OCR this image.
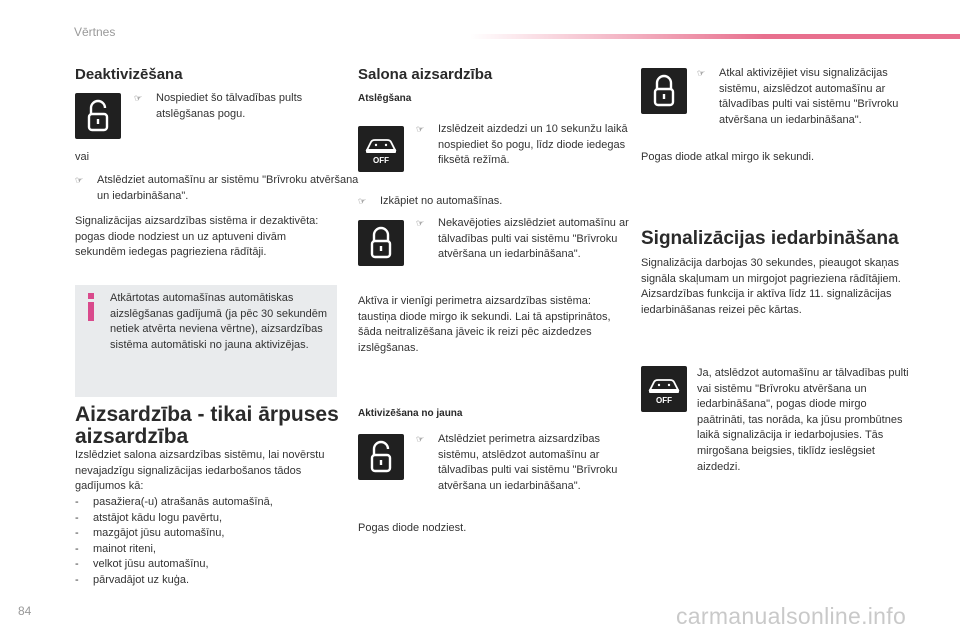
Vērtnes
Deaktivizēšana
☞ Nospiediet šo tālvadības pults atslēgšanas pogu.
vai
☞ Atslēdziet automašīnu ar sistēmu "Brīvroku atvēršana un iedarbināšana".
Signalizācijas aizsardzības sistēma ir dezaktivēta: pogas diode nodziest un uz aptuveni divām sekundēm iedegas pagrieziena rādītāji.
Atkārtotas automašīnas automātiskas aizslēgšanas gadījumā (ja pēc 30 sekundēm netiek atvērta neviena vērtne), aizsardzības sistēma automātiski no jauna aktivizējas.
Aizsardzība - tikai ārpuses aizsardzība
Izslēdziet salona aizsardzības sistēmu, lai novērstu nevajadzīgu signalizācijas iedarbošanos tādos gadījumos kā:
- pasažiera(-u) atrašanās automašīnā,
- atstājot kādu logu pavērtu,
- mazgājot jūsu automašīnu,
- mainot riteni,
- velkot jūsu automašīnu,
- pārvadājot uz kuģa.
Salona aizsardzība
Atslēgšana
OFF
☞ Izslēdzeit aizdedzi un 10 sekunžu laikā nospiediet šo pogu, līdz diode iedegas fiksētā režīmā.
☞ Izkāpiet no automašīnas.
☞ Nekavējoties aizslēdziet automašīnu ar tālvadības pulti vai sistēmu "Brīvroku atvēršana un iedarbināšana".
Aktīva ir vienīgi perimetra aizsardzības sistēma: taustiņa diode mirgo ik sekundi. Lai tā apstiprinātos, šāda neitralizēšana jāveic ik reizi pēc aizdedzes izslēgšanas.
Aktivizēšana no jauna
☞ Atslēdziet perimetra aizsardzības sistēmu, atslēdzot automašīnu ar tālvadības pulti vai sistēmu "Brīvroku atvēršana un iedarbināšana".
Pogas diode nodziest.
☞ Atkal aktivizējiet visu signalizācijas sistēmu, aizslēdzot automašīnu ar tālvadības pulti vai sistēmu "Brīvroku atvēršana un iedarbināšana".
Pogas diode atkal mirgo ik sekundi.
Signalizācijas iedarbināšana
Signalizācija darbojas 30 sekundes, pieaugot skaņas signāla skaļumam un mirgojot pagrieziena rādītājiem. Aizsardzības funkcija ir aktīva līdz 11. signalizācijas iedarbināšanas reizei pēc kārtas.
OFF
Ja, atslēdzot automašīnu ar tālvadības pulti vai sistēmu "Brīvroku atvēršana un iedarbināšana", pogas diode mirgo paātrināti, tas norāda, ka jūsu prombūtnes laikā signalizācija ir iedarbojusies. Tās mirgošana beigsies, tiklīdz ieslēgsiet aizdedzi.
84	carmanualsonline.info
